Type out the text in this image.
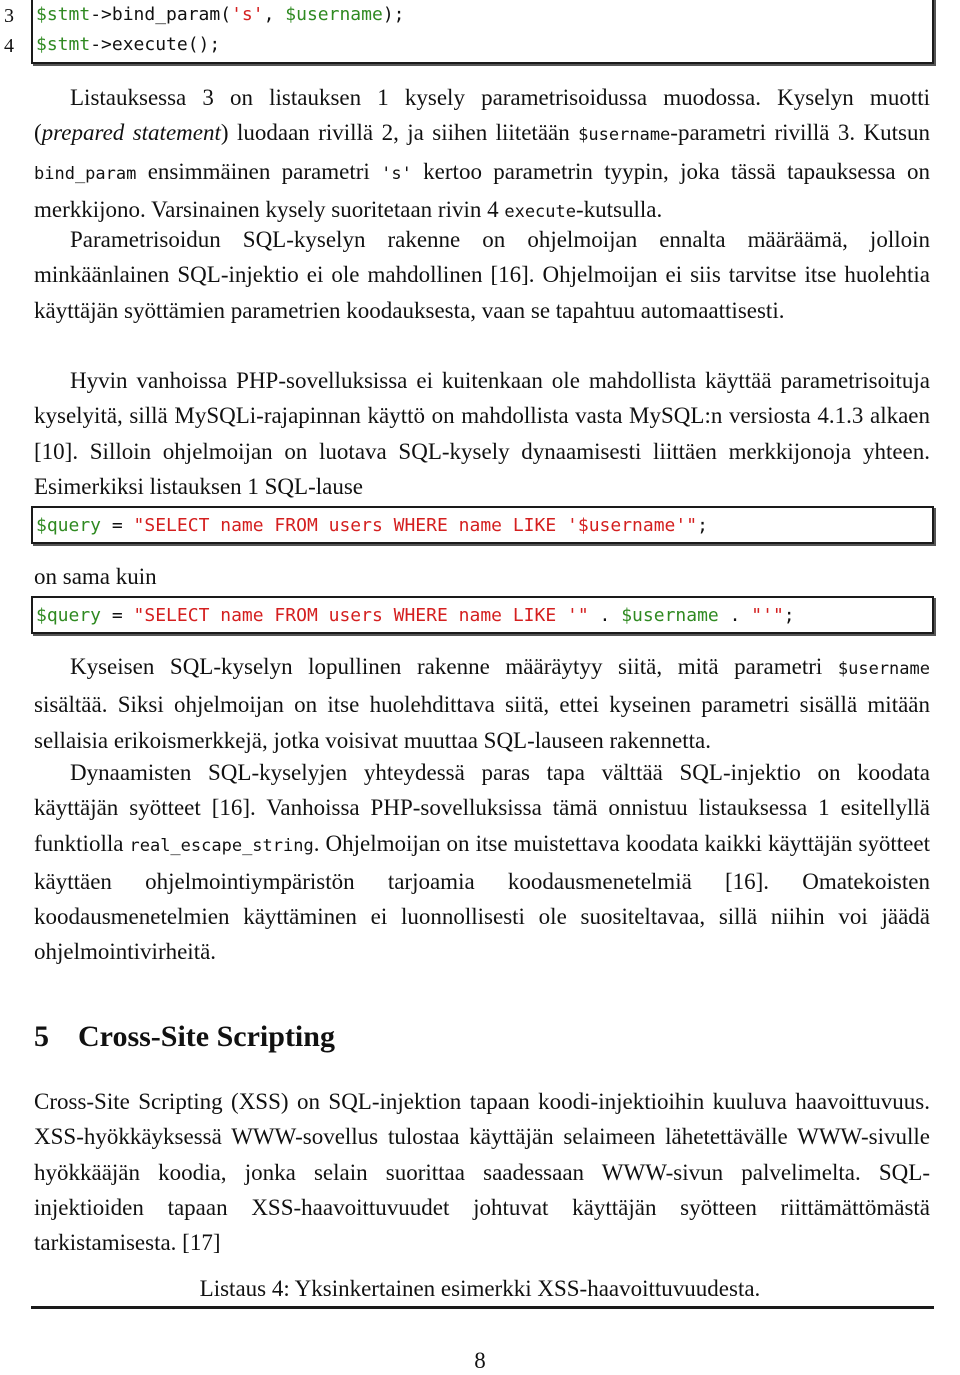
$stmt->bind_param('s', $username);
$stmt->execute();
3
4
Listauksessa 3 on listauksen 1 kysely parametrisoidussa muodossa. Kyselyn muotti (prepared statement) luodaan rivillä 2, ja siihen liitetään $username-parametri rivillä 3. Kutsun bind_param ensimmäinen parametri 's' kertoo parametrin tyypin, joka tässä tapauksessa on merkkijono. Varsinainen kysely suoritetaan rivin 4 execute-kutsulla.
Parametrisoidun SQL-kyselyn rakenne on ohjelmoijan ennalta määräämä, jolloin minkäänlainen SQL-injektio ei ole mahdollinen [16]. Ohjelmoijan ei siis tarvitse itse huolehtia käyttäjän syöttämien parametrien koodauksesta, vaan se tapahtuu automaattisesti.
Hyvin vanhoissa PHP-sovelluksissa ei kuitenkaan ole mahdollista käyttää parametrisoituja kyselyitä, sillä MySQLi-rajapinnan käyttö on mahdollista vasta MySQL:n versiosta 4.1.3 alkaen [10]. Silloin ohjelmoijan on luotava SQL-kysely dynaamisesti liittäen merkkijonoja yhteen. Esimerkiksi listauksen 1 SQL-lause
$query = "SELECT name FROM users WHERE name LIKE '$username'";
on sama kuin
$query = "SELECT name FROM users WHERE name LIKE '" . $username . "'";
Kyseisen SQL-kyselyn lopullinen rakenne määräytyy siitä, mitä parametri $username sisältää. Siksi ohjelmoijan on itse huolehdittava siitä, ettei kyseinen parametri sisällä mitään sellaisia erikoismerkkejä, jotka voisivat muuttaa SQL-lauseen rakennetta.
Dynaamisten SQL-kyselyjen yhteydessä paras tapa välttää SQL-injektio on koodata käyttäjän syötteet [16]. Vanhoissa PHP-sovelluksissa tämä onnistuu listauksessa 1 esitellyllä funktiolla real_escape_string. Ohjelmoijan on itse muistettava koodata kaikki käyttäjän syötteet käyttäen ohjelmointiympäristön tarjoamia koodausmenetelmiä [16]. Omatekoisten koodausmenetelmien käyttäminen ei luonnollisesti ole suositeltavaa, sillä niihin voi jäädä ohjelmointivirheitä.
5 Cross-Site Scripting
Cross-Site Scripting (XSS) on SQL-injektion tapaan koodi-injektioihin kuuluva haavoittuvuus. XSS-hyökkäyksessä WWW-sovellus tulostaa käyttäjän selaimeen lähetettävälle WWW-sivulle hyökkääjän koodia, jonka selain suorittaa saadessaan WWW-sivun palvelimelta. SQL-injektioiden tapaan XSS-haavoittuvuudet johtuvat käyttäjän syötteen riittämättömästä tarkistamisesta. [17]
Listaus 4: Yksinkertainen esimerkki XSS-haavoittuvuudesta.
8
